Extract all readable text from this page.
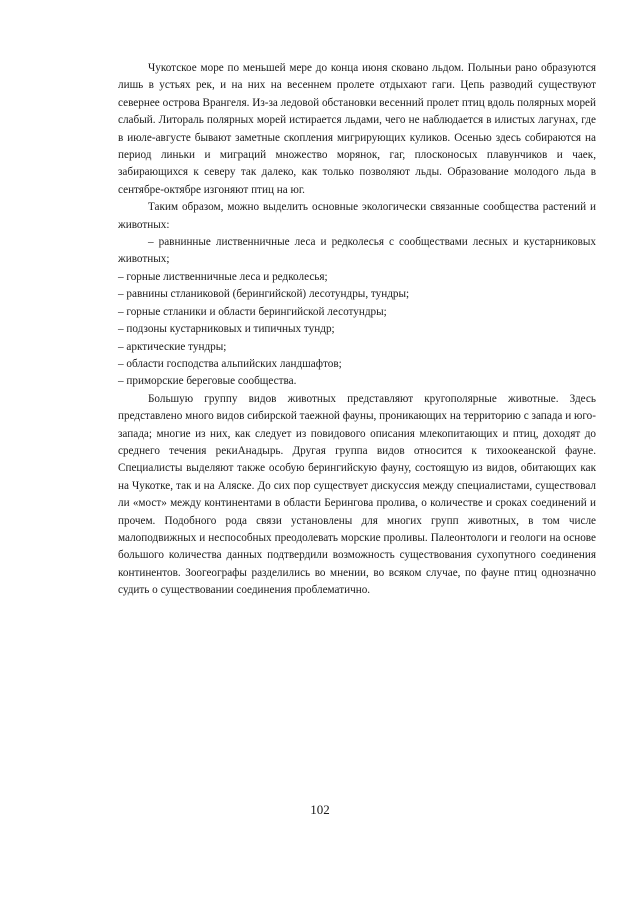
Чукотское море по меньшей мере до конца июня сковано льдом. Полыньи рано образуются лишь в устьях рек, и на них на весеннем пролете отдыхают гаги. Цепь разводий существуют севернее острова Врангеля. Из-за ледовой обстановки весенний пролет птиц вдоль полярных морей слабый. Литораль полярных морей истирается льдами, чего не наблюдается в илистых лагунах, где в июле-августе бывают заметные скопления мигрирующих куликов. Осенью здесь собираются на период линьки и миграций множество морянок, гаг, плосконосых плавунчиков и чаек, забирающихся к северу так далеко, как только позволяют льды. Образование молодого льда в сентябре-октябре изгоняют птиц на юг.

Таким образом, можно выделить основные экологически связанные сообщества растений и животных:

– равнинные лиственничные леса и редколесья с сообществами лесных и кустарниковых животных;

– горные лиственничные леса и редколесья;

– равнины стланиковой (берингийской) лесотундры, тундры;

– горные стланики и области берингийской лесотундры;

– подзоны кустарниковых и типичных тундр;

– арктические тундры;

– области господства альпийских ландшафтов;

– приморские береговые сообщества.

Большую группу видов животных представляют кругополярные животные. Здесь представлено много видов сибирской таежной фауны, проникающих на территорию с запада и юго-запада; многие из них, как следует из повидового описания млекопитающих и птиц, доходят до среднего течения рекиАнадырь. Другая группа видов относится к тихоокеанской фауне. Специалисты выделяют также особую берингийскую фауну, состоящую из видов, обитающих как на Чукотке, так и на Аляске. До сих пор существует дискуссия между специалистами, существовал ли «мост» между континентами в области Берингова пролива, о количестве и сроках соединений и прочем. Подобного рода связи установлены для многих групп животных, в том числе малоподвижных и неспособных преодолевать морские проливы. Палеонтологи и геологи на основе большого количества данных подтвердили возможность существования сухопутного соединения континентов. Зоогеографы разделились во мнении, во всяком случае, по фауне птиц однозначно судить о существовании соединения проблематично.

102
